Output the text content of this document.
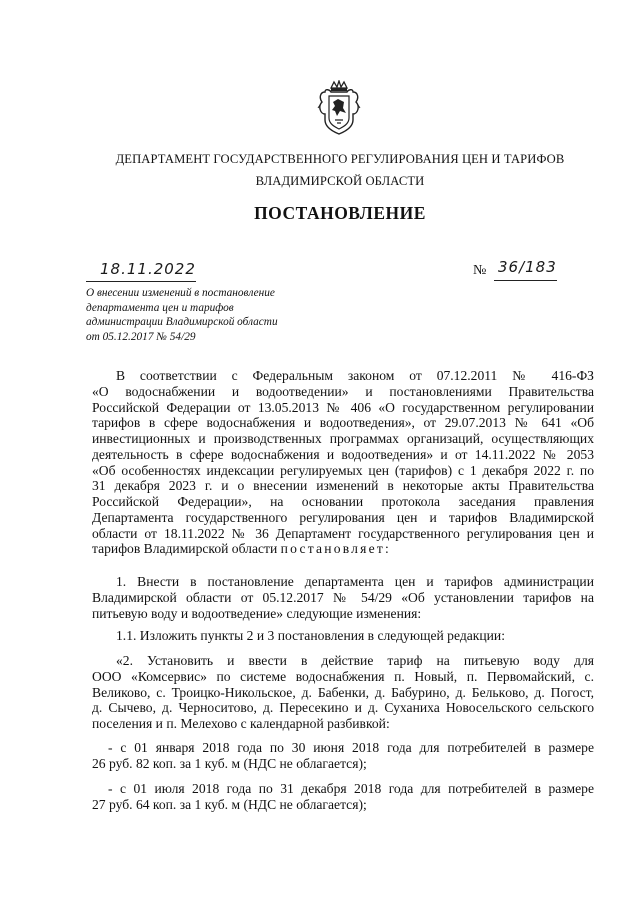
ДЕПАРТАМЕНТ ГОСУДАРСТВЕННОГО РЕГУЛИРОВАНИЯ ЦЕН И ТАРИФОВ
ВЛАДИМИРСКОЙ ОБЛАСТИ
ПОСТАНОВЛЕНИЕ
18.11.2022	№ 36/183
О внесении изменений в постановление
департамента цен и тарифов
администрации Владимирской области
от 05.12.2017 № 54/29
В соответствии с Федеральным законом от 07.12.2011 № 416-ФЗ
«О водоснабжении и водоотведении» и постановлениями Правительства
Российской Федерации от 13.05.2013 № 406 «О государственном регулировании
тарифов в сфере водоснабжения и водоотведения», от 29.07.2013 № 641 «Об
инвестиционных и производственных программах организаций, осуществляющих
деятельность в сфере водоснабжения и водоотведения» и от 14.11.2022 № 2053
«Об особенностях индексации регулируемых цен (тарифов) с 1 декабря 2022 г. по
31 декабря 2023 г. и о внесении изменений в некоторые акты Правительства
Российской Федерации», на основании протокола заседания правления
Департамента государственного регулирования цен и тарифов Владимирской
области от 18.11.2022 № 36 Департамент государственного регулирования цен и
тарифов Владимирской области постановляет:
1. Внести в постановление департамента цен и тарифов администрации
Владимирской области от 05.12.2017 № 54/29 «Об установлении тарифов на
питьевую воду и водоотведение» следующие изменения:
1.1. Изложить пункты 2 и 3 постановления в следующей редакции:
«2. Установить и ввести в действие тариф на питьевую воду для
ООО «Комсервис» по системе водоснабжения п. Новый, п. Первомайский, с.
Великово, с. Троицко-Никольское, д. Бабенки, д. Бабурино, д. Белькoво, д. Погост,
д. Сычево, д. Черноситово, д. Пересекино и д. Суханиха Новосельского сельского
поселения и п. Мелехово с календарной разбивкой:
- с 01 января 2018 года по 30 июня 2018 года для потребителей в размере
26 руб. 82 коп. за 1 куб. м (НДС не облагается);
- с 01 июля 2018 года по 31 декабря 2018 года для потребителей в размере
27 руб. 64 коп. за 1 куб. м (НДС не облагается);
